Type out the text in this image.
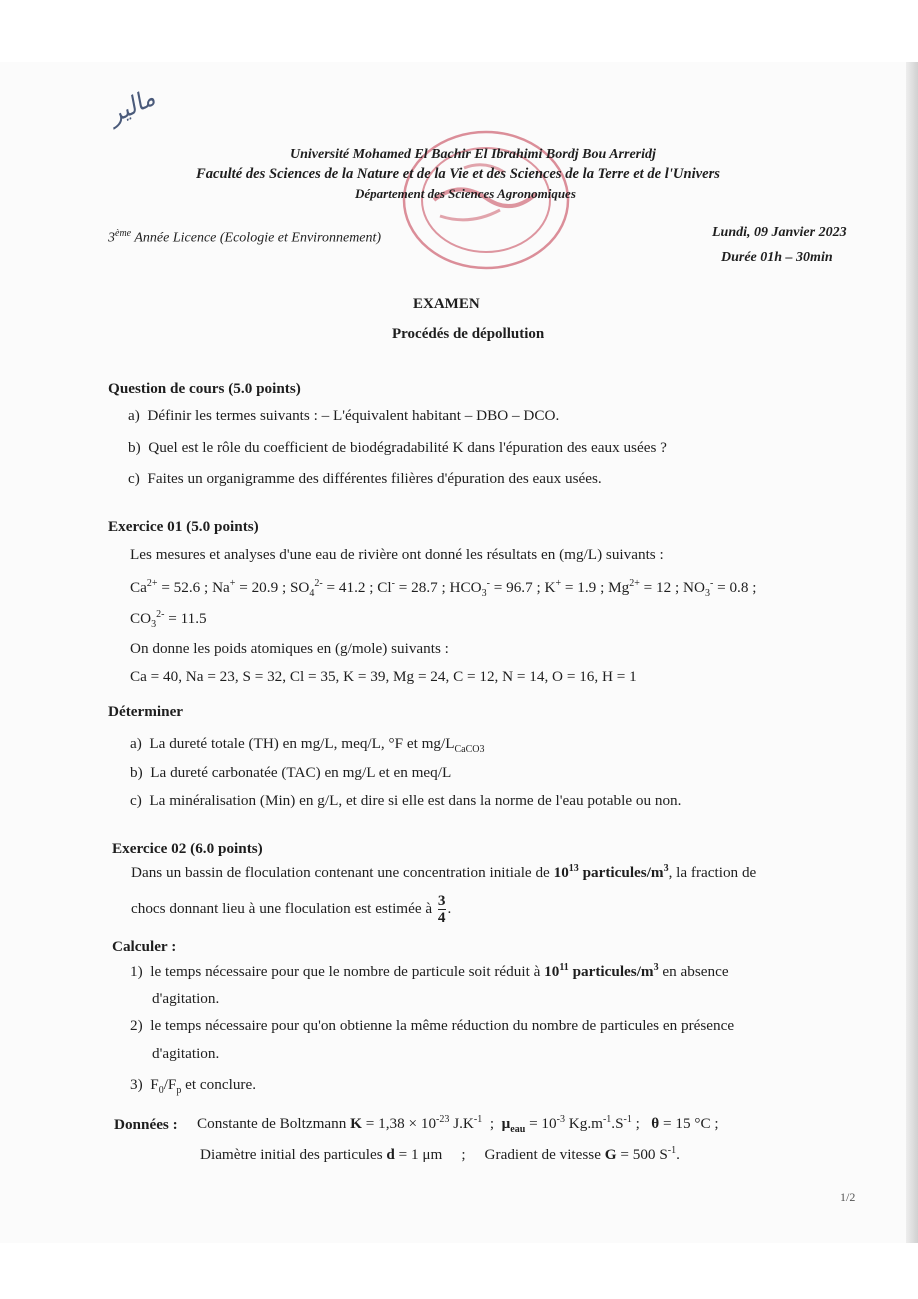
ﻣﺎﻟﻴﺮ
Université Mohamed El Bachir El Ibrahimi Bordj Bou Arreridj
Faculté des Sciences de la Nature et de la Vie et des Sciences de la Terre et de l'Univers
Département des Sciences Agronomiques
3ème Année Licence (Ecologie et Environnement)	Lundi, 09 Janvier 2023
Durée 01h – 30min
EXAMEN
Procédés de dépollution
Question de cours (5.0 points)
a)  Définir les termes suivants : – L'équivalent habitant – DBO – DCO.
b)  Quel est le rôle du coefficient de biodégradabilité K dans l'épuration des eaux usées ?
c)  Faites un organigramme des différentes filières d'épuration des eaux usées.
Exercice 01 (5.0 points)
Les mesures et analyses d'une eau de rivière ont donné les résultats en (mg/L) suivants :
$Ca^{2+} = 52.6$ ; Na+ = 20.9 ; $SO_4^{2-} = 41.2$ ; Cl- = 28.7 ; $HCO_3^- = 96.7$ ; K+ = 1.9 ; $Mg^{2+} = 12$ ; $NO_3^- = 0.8$ ;
$CO_3^{2-} = 11.5$
On donne les poids atomiques en (g/mole) suivants :
Ca = 40, Na = 23, S = 32, Cl = 35, K = 39, Mg = 24, C = 12, N = 14, O = 16, H = 1
Déterminer
a)  La dureté totale (TH) en mg/L, meq/L, °F et $mg/L_{CaCO3}$
b)  La dureté carbonatée (TAC) en mg/L et en meq/L
c)  La minéralisation (Min) en g/L, et dire si elle est dans la norme de l'eau potable ou non.
Exercice 02 (6.0 points)
Dans un bassin de floculation contenant une concentration initiale de $10^{13}$ particules/$m^3$, la fraction de
chocs donnant lieu à une floculation est estimée à $\frac{3}{4}$ .
Calculer :
1)  le temps nécessaire pour que le nombre de particule soit réduit à $10^{11}$ particules/$m^3$ en absence
d'agitation.
2)  le temps nécessaire pour qu'on obtienne la même réduction du nombre de particules en présence
d'agitation.
3)  $F_0/F_p$ et conclure.
Données : Constante de Boltzmann $K = 1,38 \times 10^{-23}$ $J.K^{-1}$  ;  $\mu_{eau} = 10^{-3}$ $Kg.m^{-1}.S^{-1}$ ;   θ = 15 °C ;
Diamètre initial des particules d = 1 μm     ;     Gradient de vitesse G = 500 $S^{-1}$.
1/2
